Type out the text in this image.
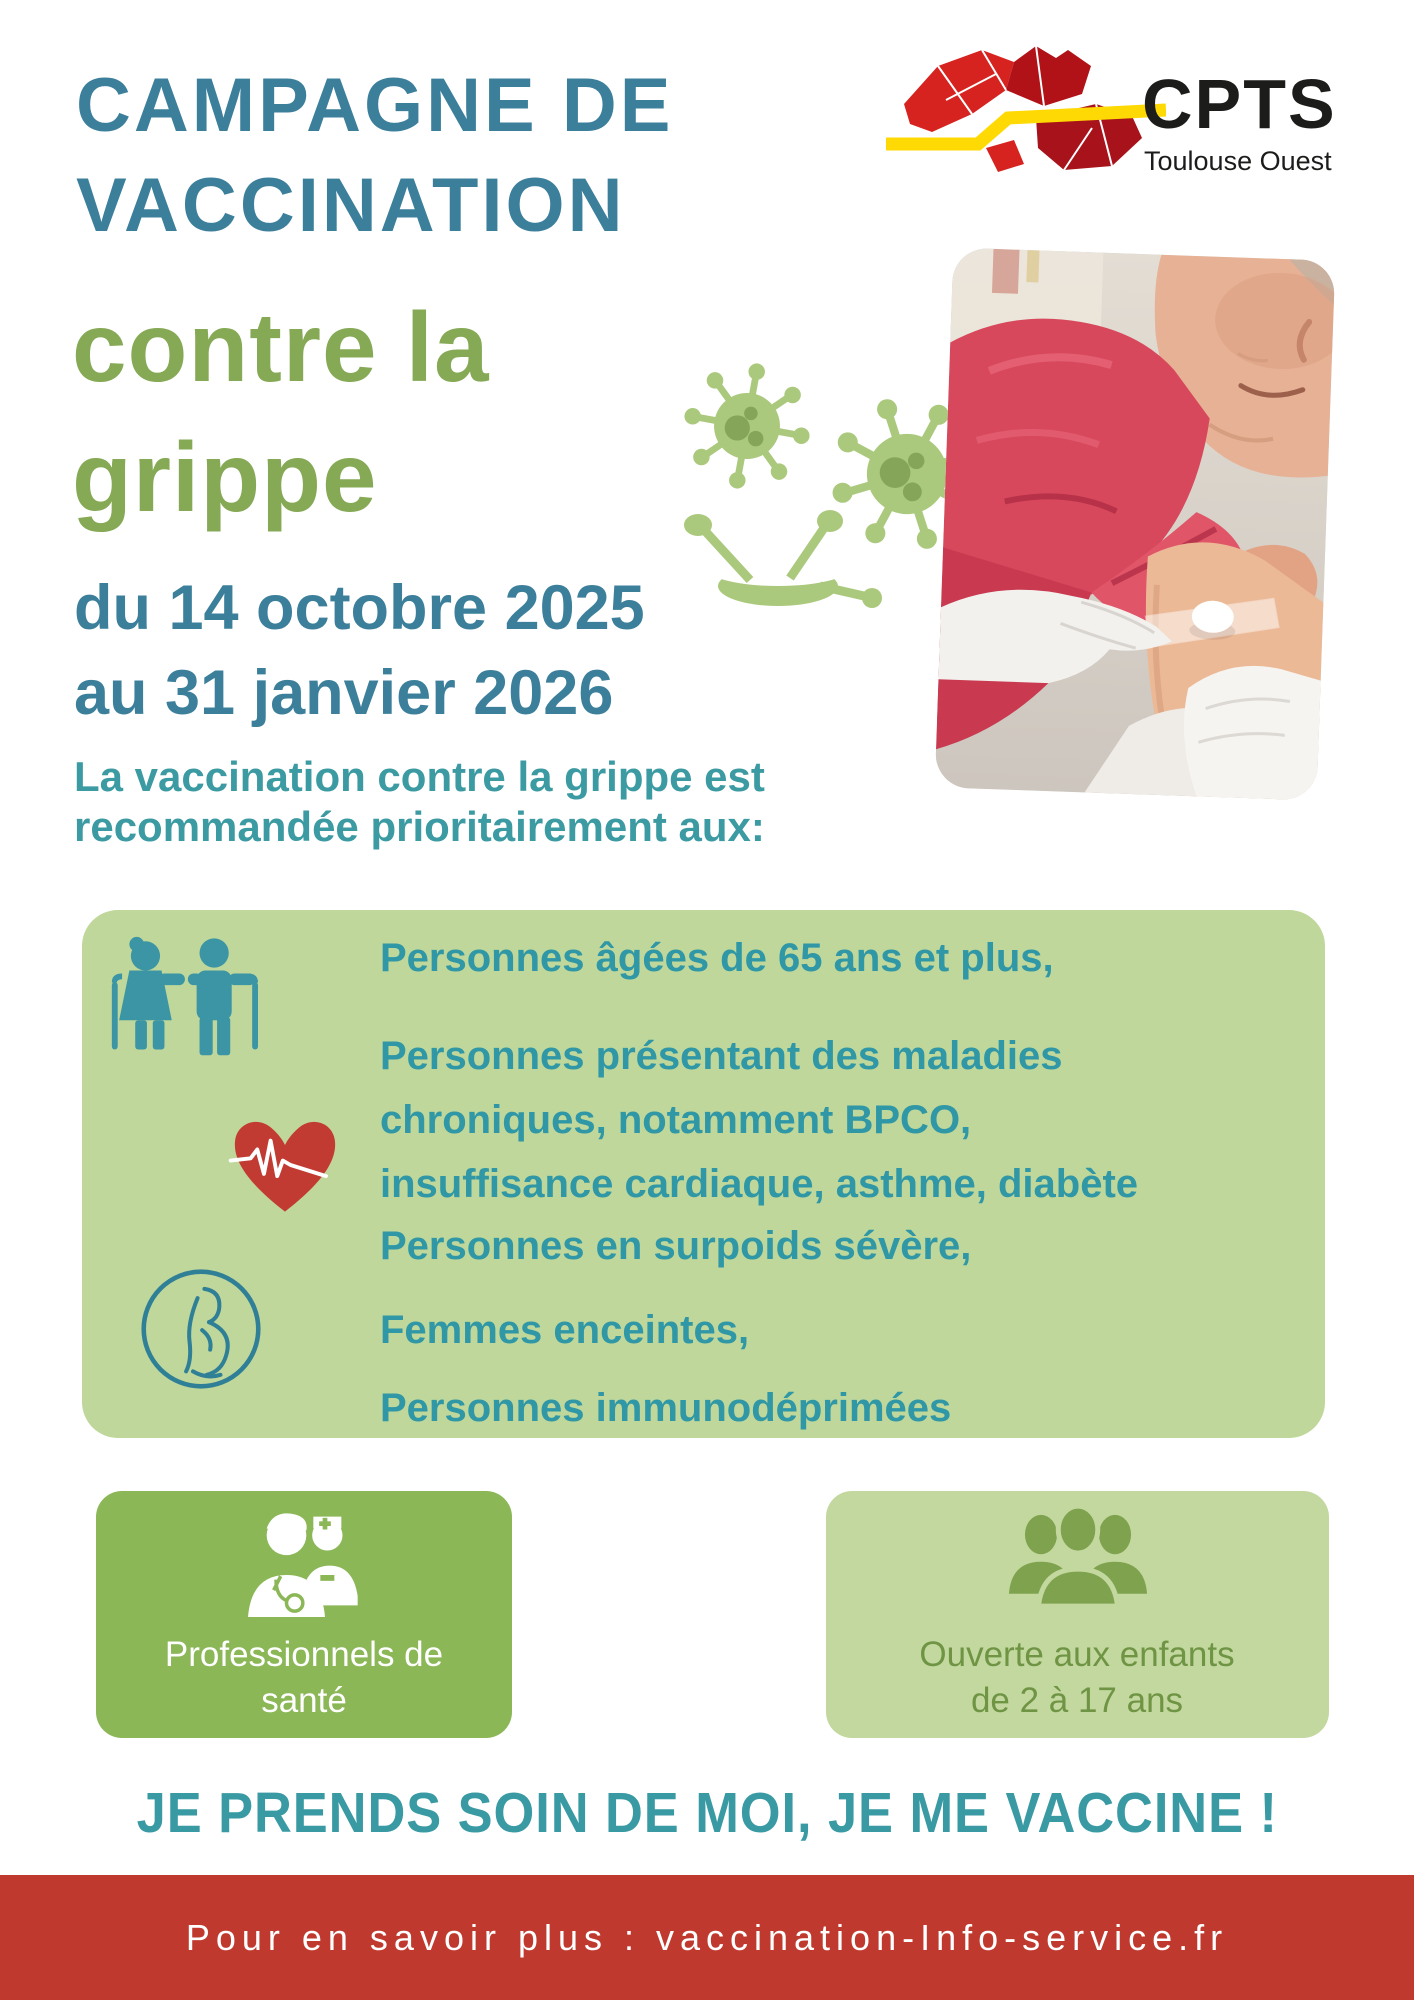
CAMPAGNE DE
VACCINATION
CPTS
Toulouse Ouest
contre la
grippe
du 14 octobre 2025
au 31 janvier 2026
La vaccination contre la grippe est
recommandée prioritairement aux:
Personnes âgées de 65 ans et plus,
Personnes présentant des maladies
chroniques, notamment BPCO,
insuffisance cardiaque, asthme, diabète
Personnes en surpoids sévère,
Femmes enceintes,
Personnes immunodéprimées
Professionnels de santé
Ouverte aux enfants de 2 à 17 ans
JE PRENDS SOIN DE MOI, JE ME VACCINE !

Pour en savoir plus : vaccination-Info-service.fr
